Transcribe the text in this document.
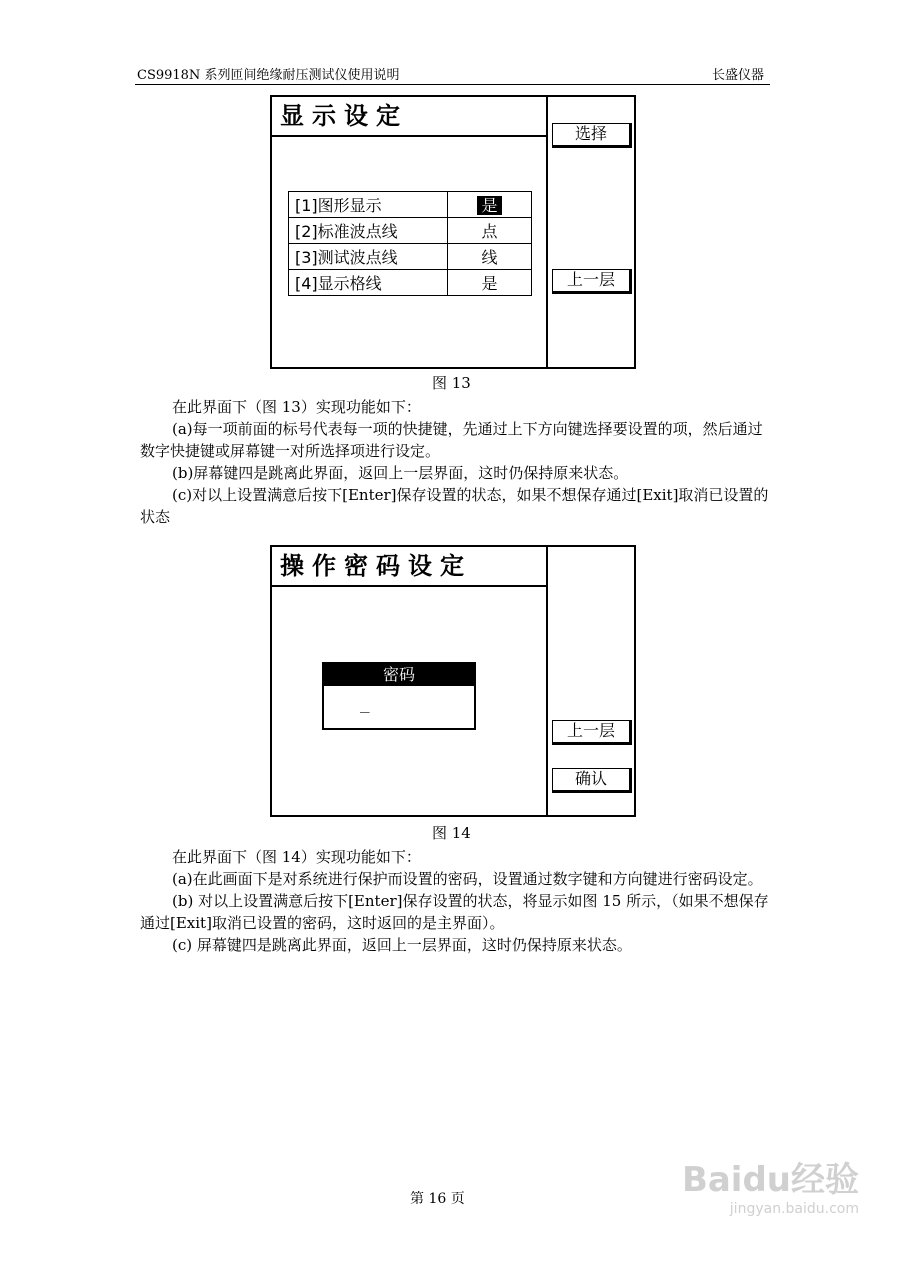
CS9918N 系列匝间绝缘耐压测试仪使用说明	长盛仪器
显示设定
[1]图形显示	是
[2]标准波点线	点
[3]测试波点线	线
[4]显示格线	是
选择
上一层
图 13

在此界面下（图 13）实现功能如下：

(a)每一项前面的标号代表每一项的快捷键，先通过上下方向键选择要设置的项，然后通过数字快捷键或屏幕键一对所选择项进行设定。

(b)屏幕键四是跳离此界面，返回上一层界面，这时仍保持原来状态。

(c)对以上设置满意后按下[Enter]保存设置的状态，如果不想保存通过[Exit]取消已设置的状态

操作密码设定
密码
_
上一层
确认
图 14

在此界面下（图 14）实现功能如下：

(a)在此画面下是对系统进行保护而设置的密码，设置通过数字键和方向键进行密码设定。

(b) 对以上设置满意后按下[Enter]保存设置的状态，将显示如图 15 所示，（如果不想保存通过[Exit]取消已设置的密码，这时返回的是主界面）。

(c) 屏幕键四是跳离此界面，返回上一层界面，这时仍保持原来状态。

第 16 页	Baidu经验
jingyan.baidu.com
